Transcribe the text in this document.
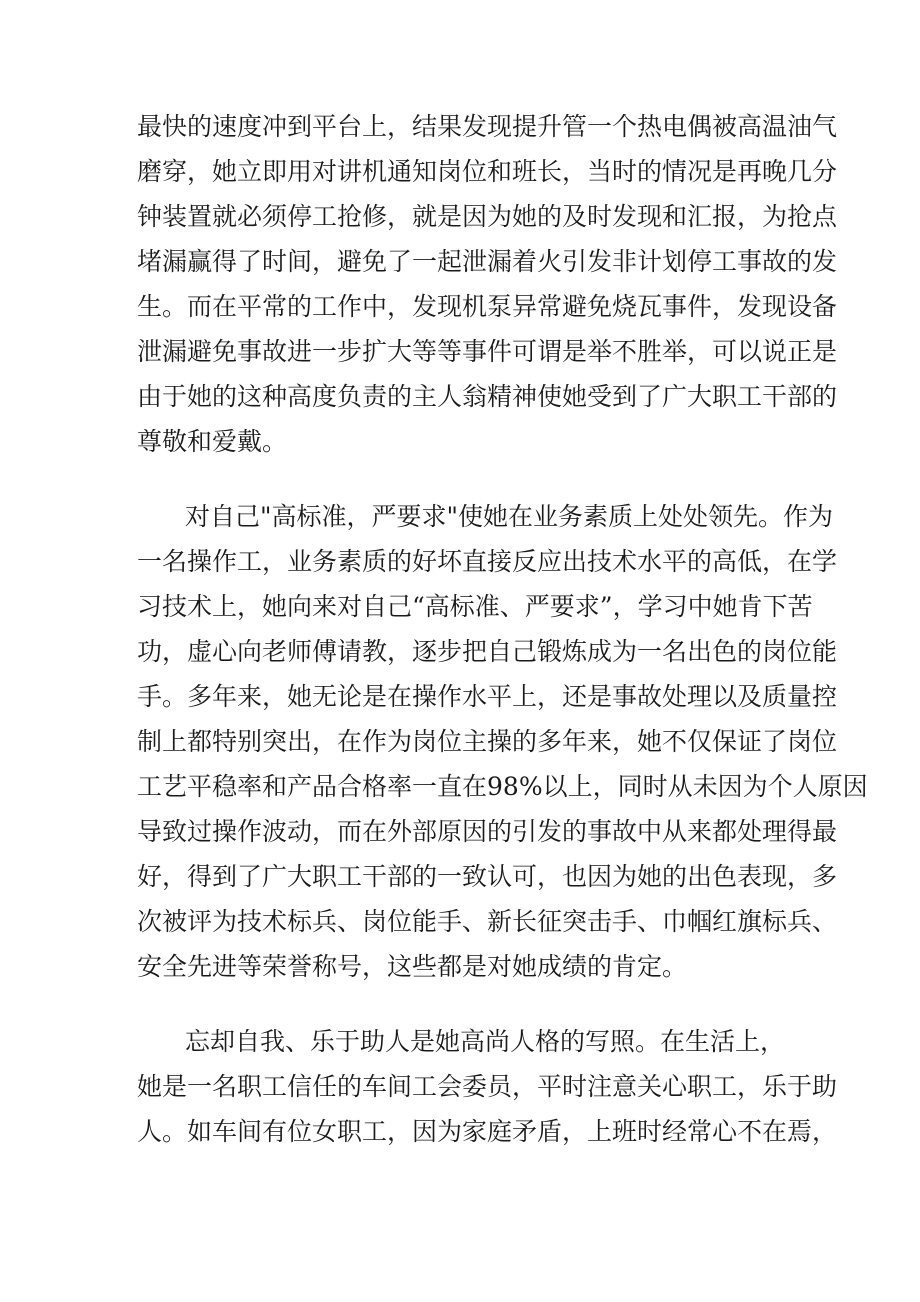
最快的速度冲到平台上，结果发现提升管一个热电偶被高温油气
磨穿，她立即用对讲机通知岗位和班长，当时的情况是再晚几分
钟装置就必须停工抢修，就是因为她的及时发现和汇报，为抢点
堵漏赢得了时间，避免了一起泄漏着火引发非计划停工事故的发
生。而在平常的工作中，发现机泵异常避免烧瓦事件，发现设备
泄漏避免事故进一步扩大等等事件可谓是举不胜举，可以说正是
由于她的这种高度负责的主人翁精神使她受到了广大职工干部的
尊敬和爱戴。
对自己"高标准，严要求"使她在业务素质上处处领先。作为
一名操作工，业务素质的好坏直接反应出技术水平的高低，在学
习技术上，她向来对自己“高标准、严要求”，学习中她肯下苦
功，虚心向老师傅请教，逐步把自己锻炼成为一名出色的岗位能
手。多年来，她无论是在操作水平上，还是事故处理以及质量控
制上都特别突出，在作为岗位主操的多年来，她不仅保证了岗位
工艺平稳率和产品合格率一直在98%以上，同时从未因为个人原因
导致过操作波动，而在外部原因的引发的事故中从来都处理得最
好，得到了广大职工干部的一致认可，也因为她的出色表现，多
次被评为技术标兵、岗位能手、新长征突击手、巾帼红旗标兵、
安全先进等荣誉称号，这些都是对她成绩的肯定。
忘却自我、乐于助人是她高尚人格的写照。在生活上，
她是一名职工信任的车间工会委员，平时注意关心职工，乐于助
人。如车间有位女职工，因为家庭矛盾，上班时经常心不在焉，
